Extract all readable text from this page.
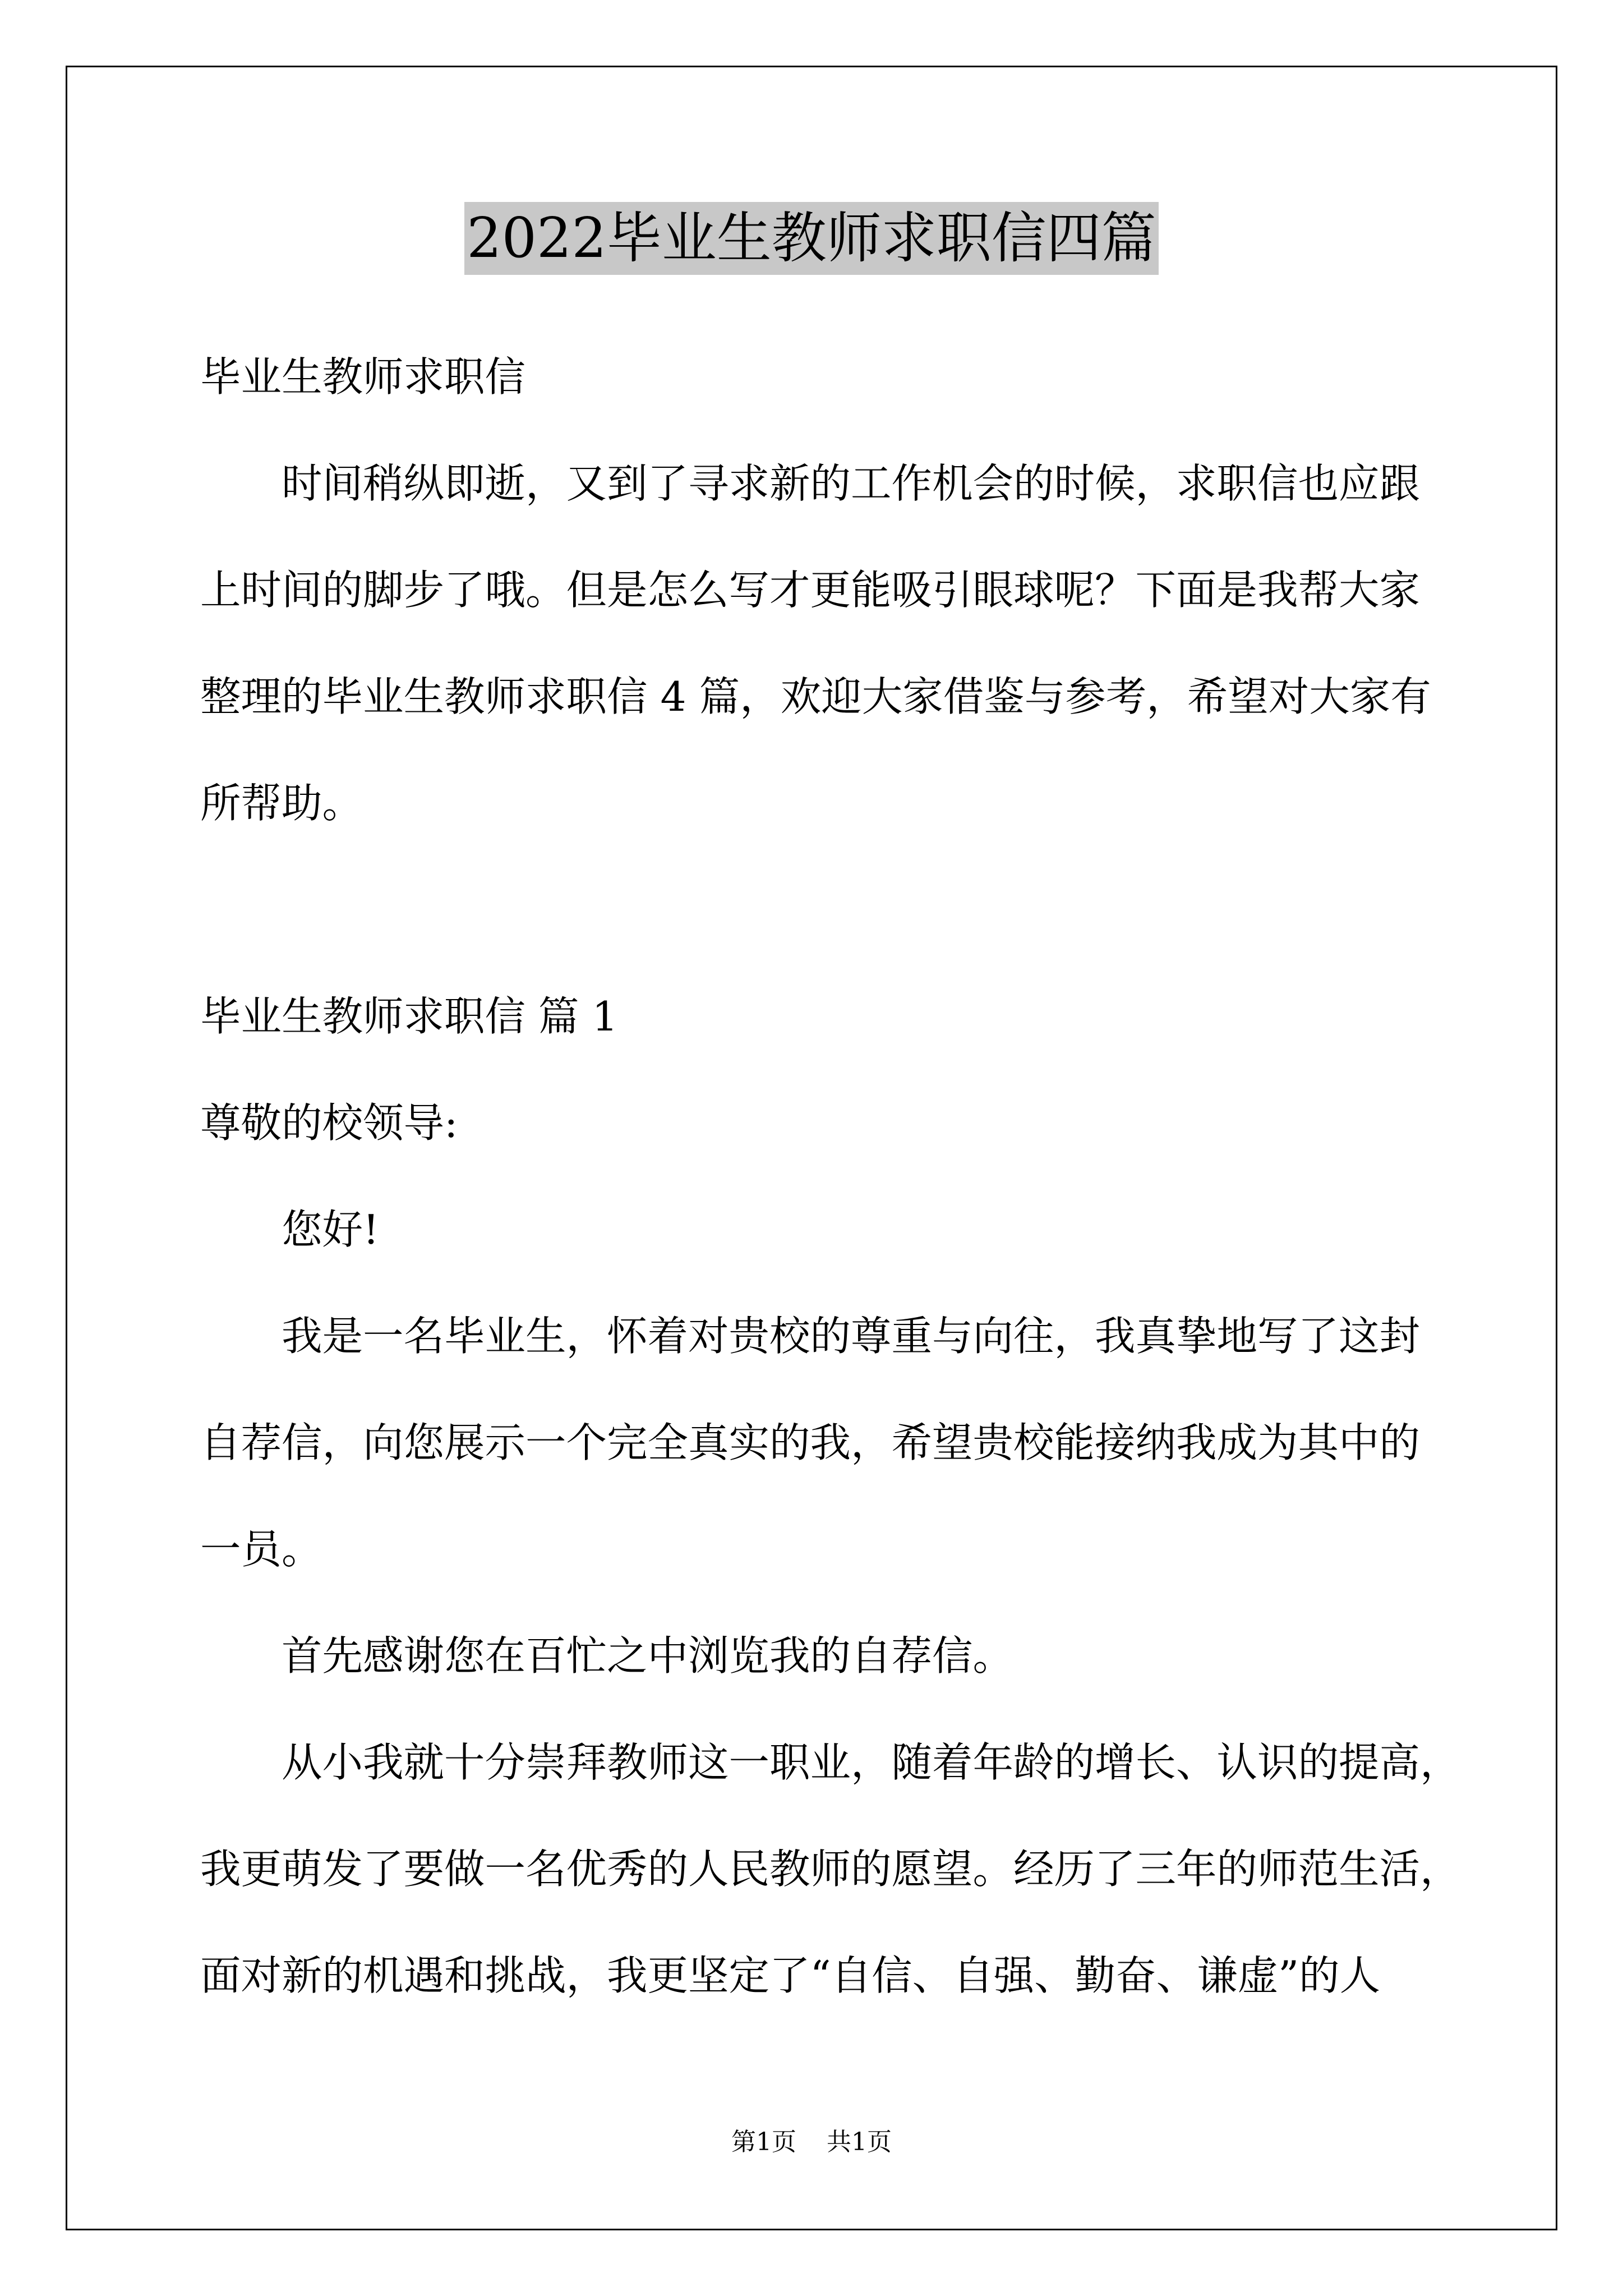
2022毕业生教师求职信四篇
毕业生教师求职信
时间稍纵即逝，又到了寻求新的工作机会的时候，求职信也应跟
上时间的脚步了哦。但是怎么写才更能吸引眼球呢？下面是我帮大家
整理的毕业生教师求职信 4 篇，欢迎大家借鉴与参考，希望对大家有
所帮助。
毕业生教师求职信 篇 1
尊敬的校领导:
您好!
我是一名毕业生，怀着对贵校的尊重与向往，我真挚地写了这封
自荐信，向您展示一个完全真实的我，希望贵校能接纳我成为其中的
一员。
首先感谢您在百忙之中浏览我的自荐信。
从小我就十分崇拜教师这一职业，随着年龄的增长、认识的提高，
我更萌发了要做一名优秀的人民教师的愿望。经历了三年的师范生活，
面对新的机遇和挑战，我更坚定了“自信、自强、勤奋、谦虚”的人
第1页 共1页
